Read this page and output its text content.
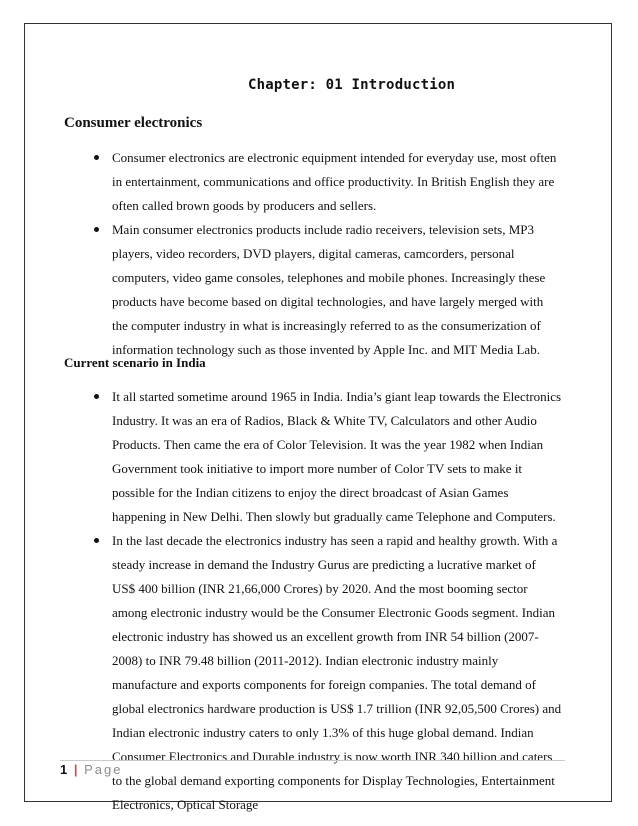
Chapter: 01 Introduction
Consumer electronics
Consumer electronics are electronic equipment intended for everyday use, most often in entertainment, communications and office productivity. In British English they are often called brown goods by producers and sellers.
Main consumer electronics products include radio receivers, television sets, MP3 players, video recorders, DVD players, digital cameras, camcorders, personal computers, video game consoles, telephones and mobile phones. Increasingly these products have become based on digital technologies, and have largely merged with the computer industry in what is increasingly referred to as the consumerization of information technology such as those invented by Apple Inc. and MIT Media Lab.
Current scenario in India
It all started sometime around 1965 in India. India’s giant leap towards the Electronics Industry. It was an era of Radios, Black & White TV, Calculators and other Audio Products. Then came the era of Color Television. It was the year 1982 when Indian Government took initiative to import more number of Color TV sets to make it possible for the Indian citizens to enjoy the direct broadcast of Asian Games happening in New Delhi. Then slowly but gradually came Telephone and Computers.
In the last decade the electronics industry has seen a rapid and healthy growth. With a steady increase in demand the Industry Gurus are predicting a lucrative market of US$ 400 billion (INR 21,66,000 Crores) by 2020. And the most booming sector among electronic industry would be the Consumer Electronic Goods segment. Indian electronic industry has showed us an excellent growth from INR 54 billion (2007-2008) to INR 79.48 billion (2011-2012). Indian electronic industry mainly manufacture and exports components for foreign companies. The total demand of global electronics hardware production is US$ 1.7 trillion (INR 92,05,500 Crores) and Indian electronic industry caters to only 1.3% of this huge global demand. Indian Consumer Electronics and Durable industry is now worth INR 340 billion and caters to the global demand exporting components for Display Technologies, Entertainment Electronics, Optical Storage
1 | Page
